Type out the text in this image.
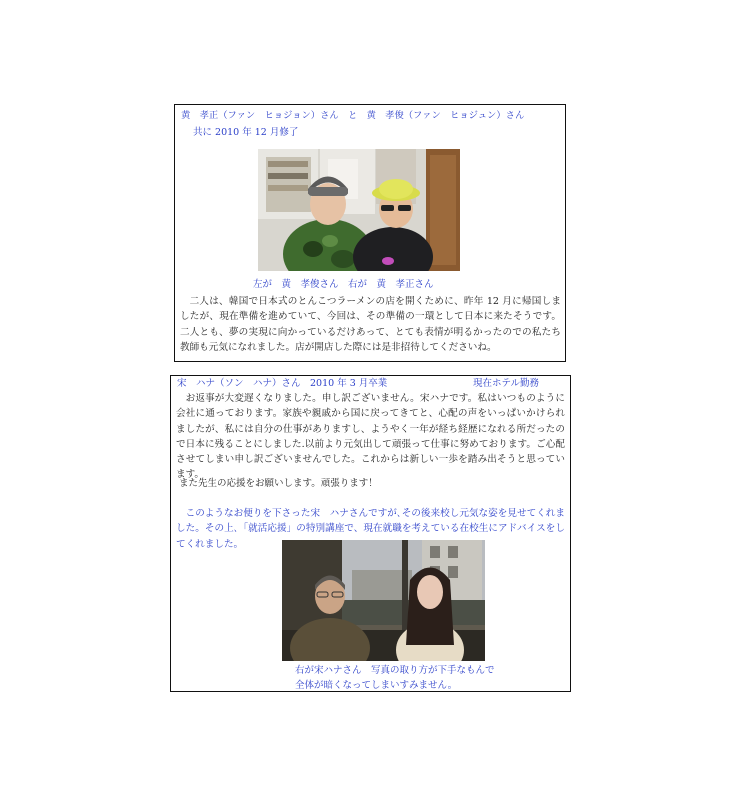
黄　孝正（ファン　ヒョジョン）さん　と　黄　孝俊（ファン　ヒョジュン）さん
共に 2010 年 12 月修了
左が　黄　孝俊さん　右が　黄　孝正さん
二人は、韓国で日本式のとんこつラーメンの店を開くために、昨年 12 月に帰国しましたが、現在準備を進めていて、今回は、その準備の一環として日本に来たそうです。二人とも、夢の実現に向かっているだけあって、とても表情が明るかったのでの私たち教師も元気になれました。店が開店した際には是非招待してくださいね。
宋　ハナ（ソン　ハナ）さん　2010 年 3 月卒業	現在ホテル勤務
お返事が大変遅くなりました。申し訳ございません。宋ハナです。私はいつものように会社に通っております。家族や親戚から国に戻ってきてと、心配の声をいっぱいかけられましたが、私には自分の仕事がありますし、ようやく一年が経ち経歴になれる所だったので日本に残ることにしました.以前より元気出して頑張って仕事に努めております。ご心配させてしまい申し訳ございませんでした。これからは新しい一歩を踏み出そうと思っています。
また先生の応援をお願いします。頑張ります！
このようなお便りを下さった宋　ハナさんですが､その後来校し元気な姿を見せてくれました。その上､「就活応援」の特別講座で、現在就職を考えている在校生にアドバイスをしてくれました。
右が宋ハナさん　写真の取り方が下手なもんで
全体が暗くなってしまいすみません。
